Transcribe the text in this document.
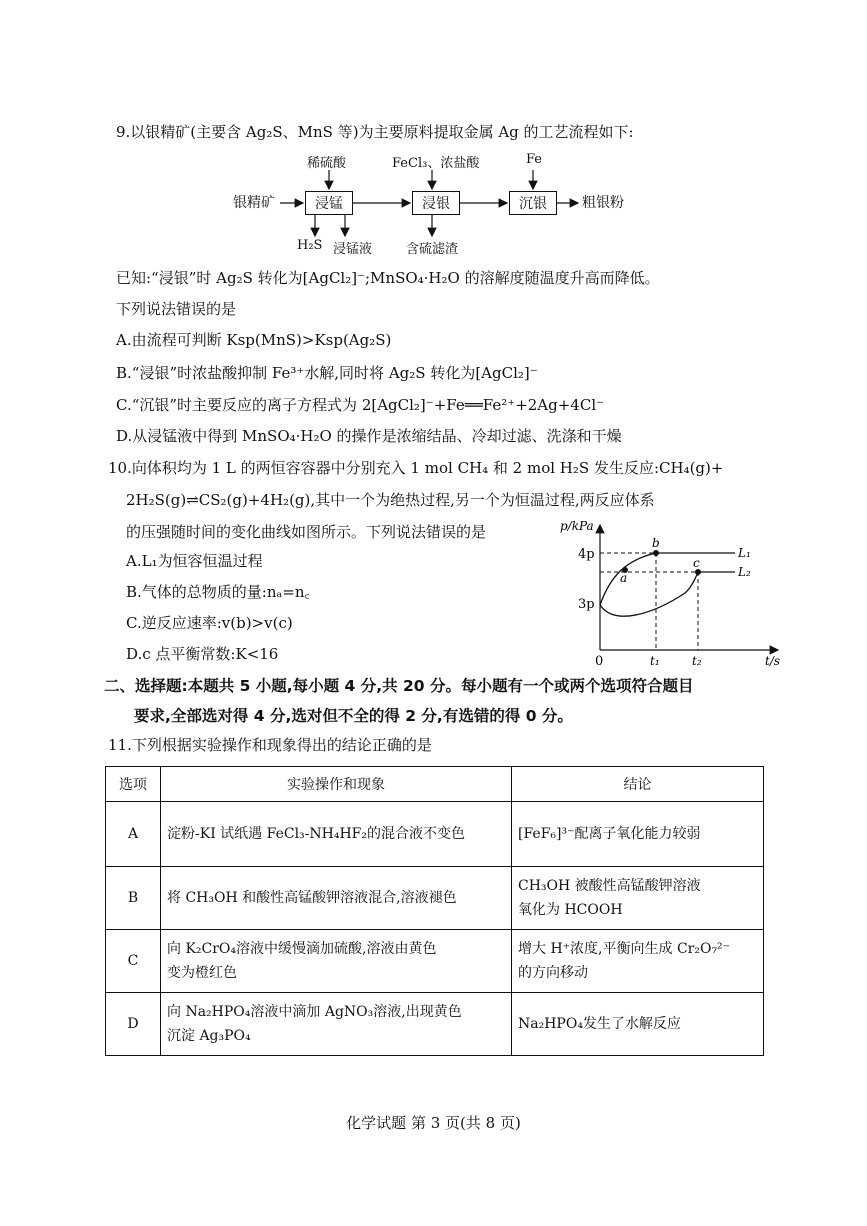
9.以银精矿(主要含 Ag₂S、MnS 等)为主要原料提取金属 Ag 的工艺流程如下:
银精矿	浸锰	浸银	沉银	粗银粉
稀硫酸	FeCl₃、浓盐酸	Fe
H₂S 浸锰液	含硫滤渣
已知:“浸银”时 Ag₂S 转化为[AgCl₂]⁻;MnSO₄·H₂O 的溶解度随温度升高而降低。
下列说法错误的是
A.由流程可判断 Ksp(MnS)>Ksp(Ag₂S)
B.“浸银”时浓盐酸抑制 Fe³⁺水解,同时将 Ag₂S 转化为[AgCl₂]⁻
C.“沉银”时主要反应的离子方程式为 2[AgCl₂]⁻+Fe══Fe²⁺+2Ag+4Cl⁻
D.从浸锰液中得到 MnSO₄·H₂O 的操作是浓缩结晶、冷却过滤、洗涤和干燥
10.向体积均为 1 L 的两恒容容器中分别充入 1 mol CH₄ 和 2 mol H₂S 发生反应:CH₄(g)+
2H₂S(g)⇌CS₂(g)+4H₂(g),其中一个为绝热过程,另一个为恒温过程,两反应体系
的压强随时间的变化曲线如图所示。下列说法错误的是
A.L₁为恒容恒温过程
B.气体的总物质的量:nₐ=n꜀
C.逆反应速率:v(b)>v(c)
D.c 点平衡常数:K<16
p/kPa
t/s
4p
3p
0	t₁	t₂
a
b
c
L₁
L₂
二、选择题:本题共 5 小题,每小题 4 分,共 20 分。每小题有一个或两个选项符合题目
要求,全部选对得 4 分,选对但不全的得 2 分,有选错的得 0 分。
11.下列根据实验操作和现象得出的结论正确的是
选项	实验操作和现象	结论
A	淀粉-KI 试纸遇 FeCl₃-NH₄HF₂的混合液不变色	[FeF₆]³⁻配离子氧化能力较弱

B	将 CH₃OH 和酸性高锰酸钾溶液混合,溶液褪色	CH₃OH 被酸性高锰酸钾溶液
氧化为 HCOOH

C	向 K₂CrO₄溶液中缓慢滴加硫酸,溶液由黄色
变为橙红色	增大 H⁺浓度,平衡向生成 Cr₂O₇²⁻
的方向移动

D	向 Na₂HPO₄溶液中滴加 AgNO₃溶液,出现黄色
沉淀 Ag₃PO₄	Na₂HPO₄发生了水解反应
化学试题 第 3 页(共 8 页)
